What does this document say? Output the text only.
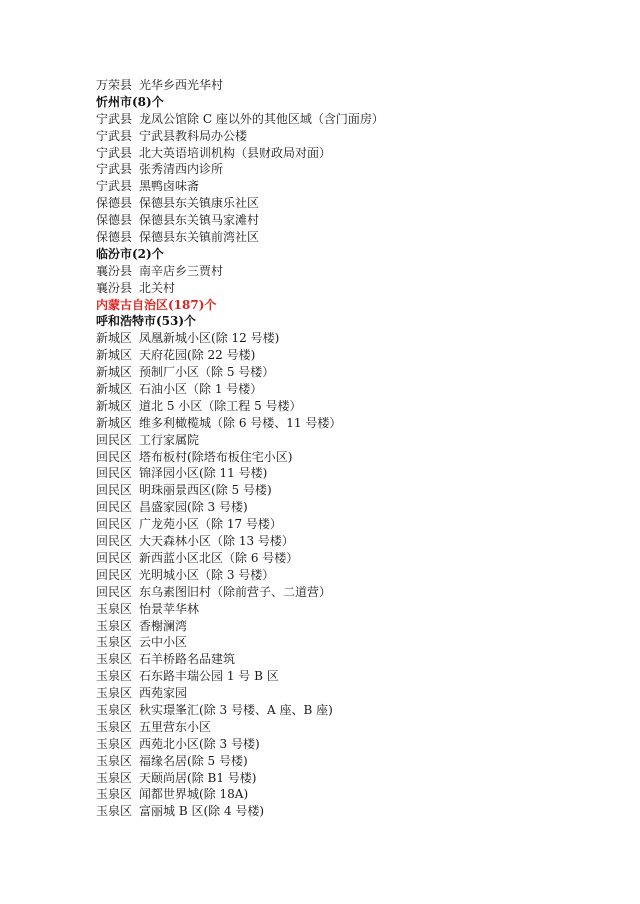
万荣县 光华乡西光华村
忻州市(8)个
宁武县 龙凤公馆除 C 座以外的其他区域（含门面房）
宁武县 宁武县教科局办公楼
宁武县 北大英语培训机构（县财政局对面）
宁武县 张秀清西内诊所
宁武县 黑鸭卤味斋
保德县 保德县东关镇康乐社区
保德县 保德县东关镇马家滩村
保德县 保德县东关镇前湾社区
临汾市(2)个
襄汾县 南辛店乡三贾村
襄汾县 北关村
内蒙古自治区(187)个
呼和浩特市(53)个
新城区 凤凰新城小区(除 12 号楼)
新城区 天府花园(除 22 号楼)
新城区 预制厂小区（除 5 号楼）
新城区 石油小区（除 1 号楼）
新城区 道北 5 小区（除工程 5 号楼）
新城区 维多利橄榄城（除 6 号楼、11 号楼）
回民区 工行家属院
回民区 塔布板村(除塔布板住宅小区)
回民区 锦泽园小区(除 11 号楼)
回民区 明珠丽景西区(除 5 号楼)
回民区 昌盛家园(除 3 号楼)
回民区 广龙苑小区（除 17 号楼）
回民区 大天森林小区（除 13 号楼）
回民区 新西蓝小区北区（除 6 号楼）
回民区 光明城小区（除 3 号楼）
回民区 东乌素图旧村（除前营子、二道营）
玉泉区 怡景苹华林
玉泉区 香榭澜湾
玉泉区 云中小区
玉泉区 石羊桥路名品建筑
玉泉区 石东路丰瑞公园 1 号 B 区
玉泉区 西苑家园
玉泉区 秋实璟峯汇(除 3 号楼、A 座、B 座)
玉泉区 五里营东小区
玉泉区 西苑北小区(除 3 号楼)
玉泉区 福缘名居(除 5 号楼)
玉泉区 天颐尚居(除 B1 号楼)
玉泉区 闻都世界城(除 18A)
玉泉区 富丽城 B 区(除 4 号楼)
